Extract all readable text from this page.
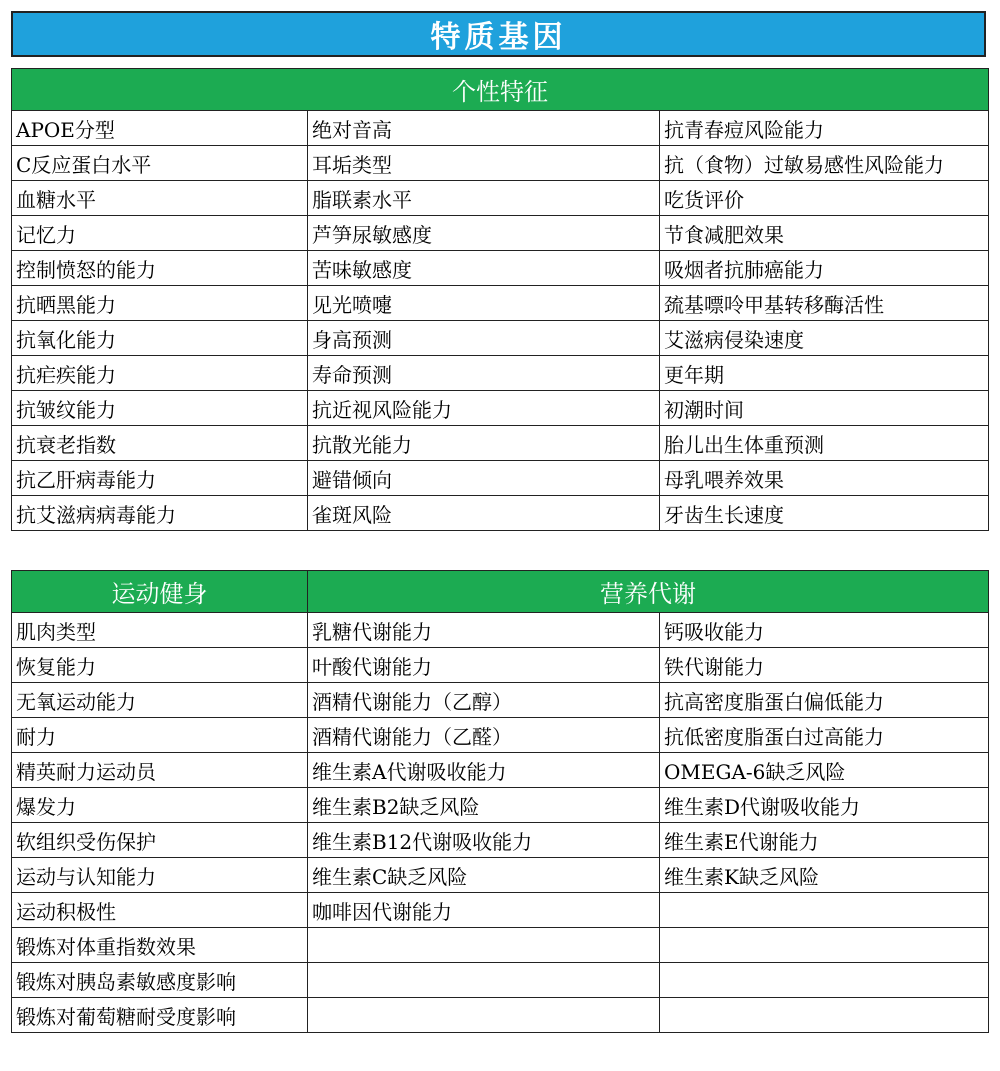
特质基因
个性特征		
APOE分型	绝对音高	抗青春痘风险能力
C反应蛋白水平	耳垢类型	抗（食物）过敏易感性风险能力
血糖水平	脂联素水平	吃货评价
记忆力	芦笋尿敏感度	节食减肥效果
控制愤怒的能力	苦味敏感度	吸烟者抗肺癌能力
抗晒黑能力	见光喷嚏	巯基嘌呤甲基转移酶活性
抗氧化能力	身高预测	艾滋病侵染速度
抗疟疾能力	寿命预测	更年期
抗皱纹能力	抗近视风险能力	初潮时间
抗衰老指数	抗散光能力	胎儿出生体重预测
抗乙肝病毒能力	避错倾向	母乳喂养效果
抗艾滋病病毒能力	雀斑风险	牙齿生长速度
运动健身	营养代谢	
肌肉类型	乳糖代谢能力	钙吸收能力
恢复能力	叶酸代谢能力	铁代谢能力
无氧运动能力	酒精代谢能力（乙醇）	抗高密度脂蛋白偏低能力
耐力	酒精代谢能力（乙醛）	抗低密度脂蛋白过高能力
精英耐力运动员	维生素A代谢吸收能力	OMEGA-6缺乏风险
爆发力	维生素B2缺乏风险	维生素D代谢吸收能力
软组织受伤保护	维生素B12代谢吸收能力	维生素E代谢能力
运动与认知能力	维生素C缺乏风险	维生素K缺乏风险
运动积极性	咖啡因代谢能力	
锻炼对体重指数效果		
锻炼对胰岛素敏感度影响		
锻炼对葡萄糖耐受度影响		
